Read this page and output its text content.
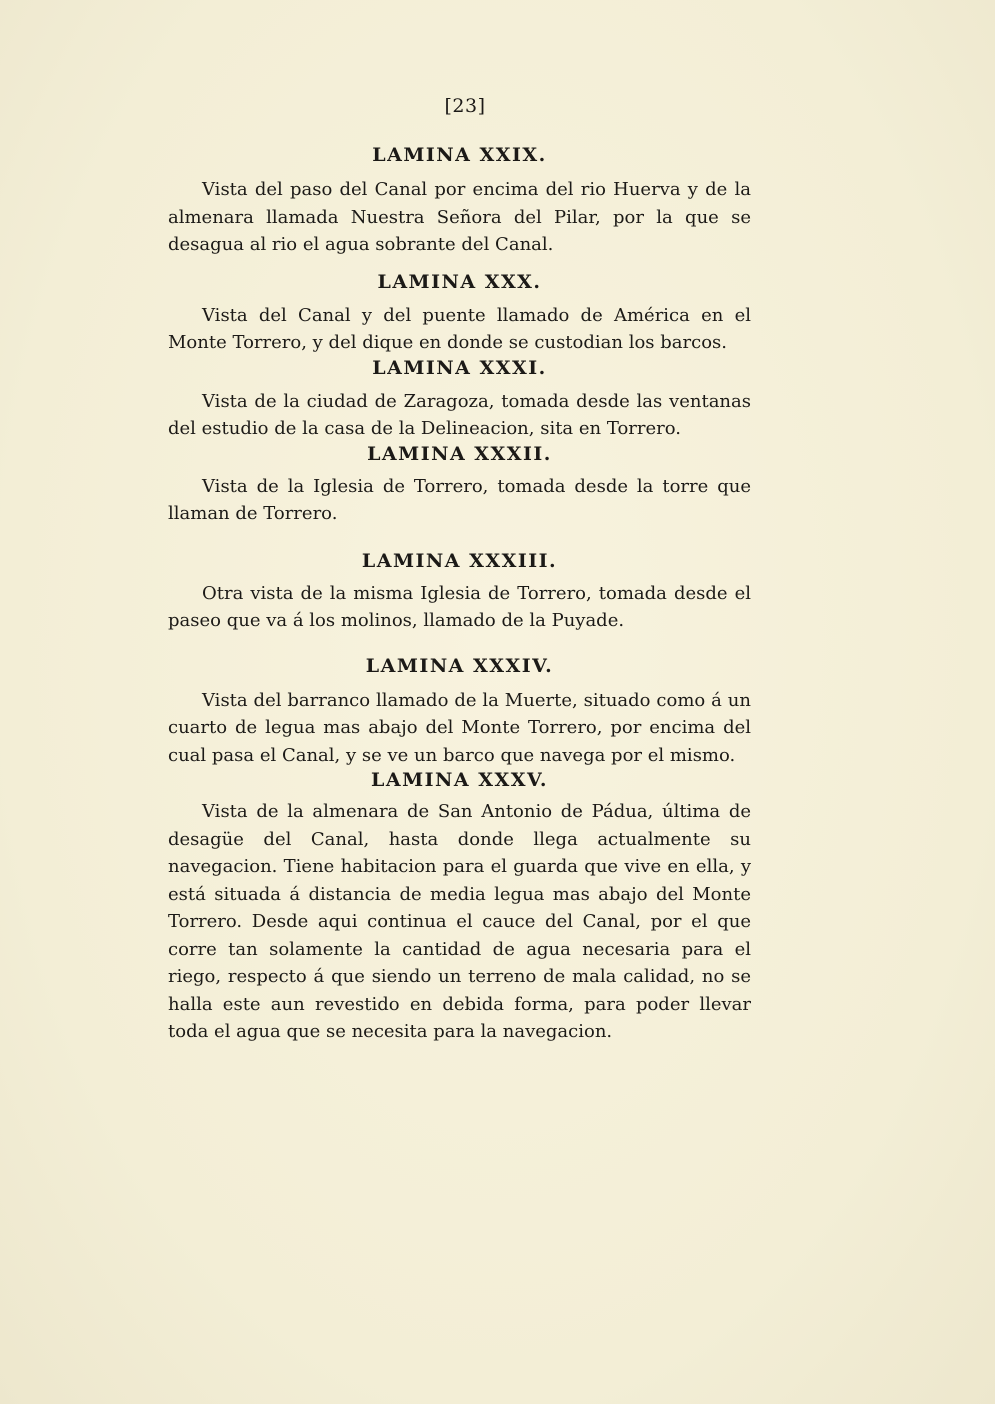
[23]
LAMINA XXIX.

Vista del paso del Canal por encima del rio Huerva y de la almenara llamada Nuestra Señora del Pilar, por la que se desagua al rio el agua sobrante del Canal.

LAMINA XXX.

Vista del Canal y del puente llamado de América en el Monte Torrero, y del dique en donde se custodian los barcos.

LAMINA XXXI.

Vista de la ciudad de Zaragoza, tomada desde las ventanas del estudio de la casa de la Delineacion, sita en Torrero.

LAMINA XXXII.

Vista de la Iglesia de Torrero, tomada desde la torre que llaman de Torrero.

LAMINA XXXIII.

Otra vista de la misma Iglesia de Torrero, tomada desde el paseo que va á los molinos, llamado de la Puyade.

LAMINA XXXIV.

Vista del barranco llamado de la Muerte, situado como á un cuarto de legua mas abajo del Monte Torrero, por encima del cual pasa el Canal, y se ve un barco que navega por el mismo.

LAMINA XXXV.

Vista de la almenara de San Antonio de Pádua, última de desagüe del Canal, hasta donde llega actualmente su navegacion. Tiene habitacion para el guarda que vive en ella, y está situada á distancia de media legua mas abajo del Monte Torrero. Desde aqui continua el cauce del Canal, por el que corre tan solamente la cantidad de agua necesaria para el riego, respecto á que siendo un terreno de mala calidad, no se halla este aun revestido en debida forma, para poder llevar toda el agua que se necesita para la navegacion.
